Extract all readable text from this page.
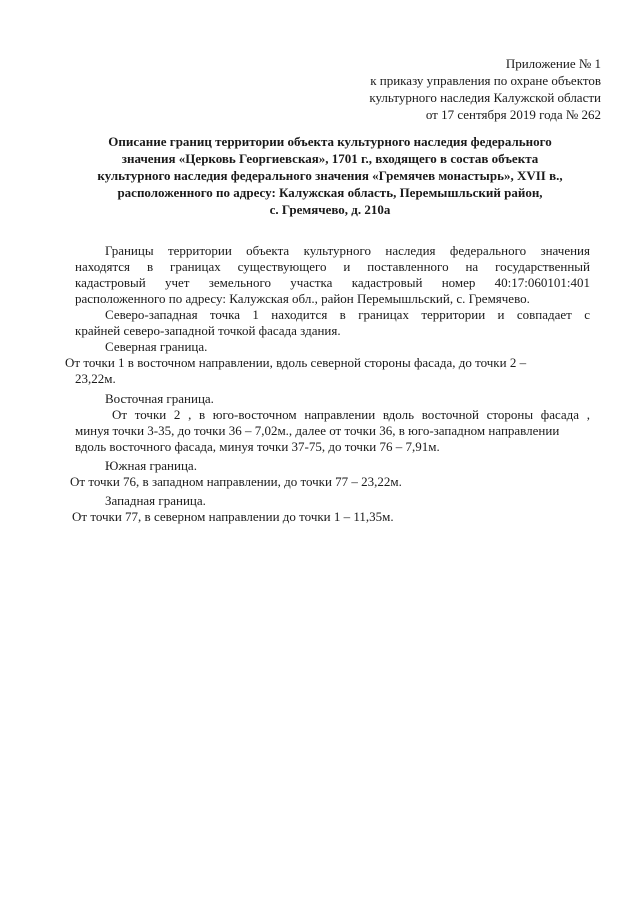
Приложение № 1
к приказу управления по охране объектов
культурного наследия Калужской области
от 17 сентября 2019 года № 262
Описание границ территории объекта культурного наследия федерального
значения «Церковь Георгиевская», 1701 г., входящего в состав объекта
культурного наследия федерального значения «Гремячев монастырь», XVII в.,
расположенного по адресу: Калужская область, Перемышльский район,
с. Гремячево, д. 210а
Границы территории объекта культурного наследия федерального значения
находятся в границах существующего и поставленного на государственный
кадастровый учет земельного участка кадастровый номер 40:17:060101:401
расположенного по адресу: Калужская обл., район Перемышльский, с. Гремячево.
Северо-западная точка 1 находится в границах территории и совпадает с
крайней северо-западной точкой фасада здания.
Северная граница.
От точки 1 в восточном направлении, вдоль северной стороны фасада, до точки 2 –
23,22м.
Восточная граница.
От точки 2 , в юго-восточном направлении вдоль восточной стороны фасада ,
минуя точки 3-35, до точки 36 – 7,02м., далее от точки 36, в юго-западном направлении
вдоль восточного фасада, минуя точки 37-75, до точки 76 – 7,91м.
Южная граница.
От точки 76, в западном направлении, до точки 77 – 23,22м.
Западная граница.
От точки 77, в северном направлении до точки 1 – 11,35м.
